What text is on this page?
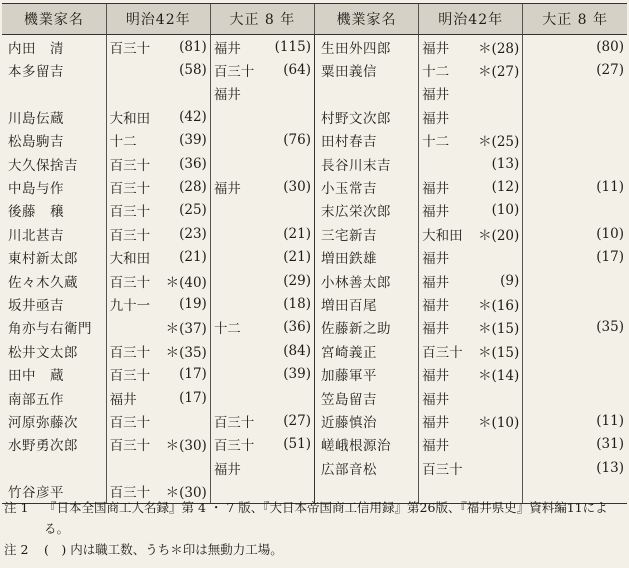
機業家名	明治42年	大正 8 年	機業家名	明治42年	大正 8 年
内田　清	百三十 (81)	福井 (115)	生田外四郎	福井 ＊(28)	(80)

本多留吉	(58)	百三十 (64)	粟田義信	十二 ＊(27)	(27)

		福井		福井	

川島伝蔵	大和田 (42)		村野文次郎	福井	

松島駒吉	十二 (39)	(76)	田村春吉	十二 ＊(25)	

大久保捨吉	百三十 (36)		長谷川末吉	(13)	

中島与作	百三十 (28)	福井 (30)	小玉常吉	福井 (12)	(11)

後藤　穣	百三十 (25)		末広栄次郎	福井 (10)	

川北甚吉	百三十 (23)	(21)	三宅新吉	大和田 ＊(20)	(10)

東村新太郎	大和田 (21)	(21)	増田鉄雄	福井	(17)

佐々木久蔵	百三十 ＊(40)	(29)	小林善太郎	福井 (9)	

坂井亟吉	九十一 (19)	(18)	増田百尾	福井 ＊(16)	

角亦与右衛門	＊(37)	十二 (36)	佐藤新之助	福井 ＊(15)	(35)

松井文太郎	百三十 ＊(35)	(84)	宮崎義正	百三十 ＊(15)	

田中　蔵	百三十 (17)	(39)	加藤軍平	福井 ＊(14)	

南部五作	福井 (17)		笠島留吉	福井	

河原弥藤次	百三十	百三十 (27)	近藤慎治	福井 ＊(10)	(11)

水野勇次郎	百三十 ＊(30)	百三十 (51)	嵯峨根源治	福井	(31)

		福井	広部音松	百三十	(13)

竹谷彦平	百三十 ＊(30)				

注 1	『日本全国商工人名録』第 4 ・ 7 版、『大日本帝国商工信用録』第26版、『福井県史』資料編11による。
注 2	(　) 内は職工数、うち＊印は無動力工場。
